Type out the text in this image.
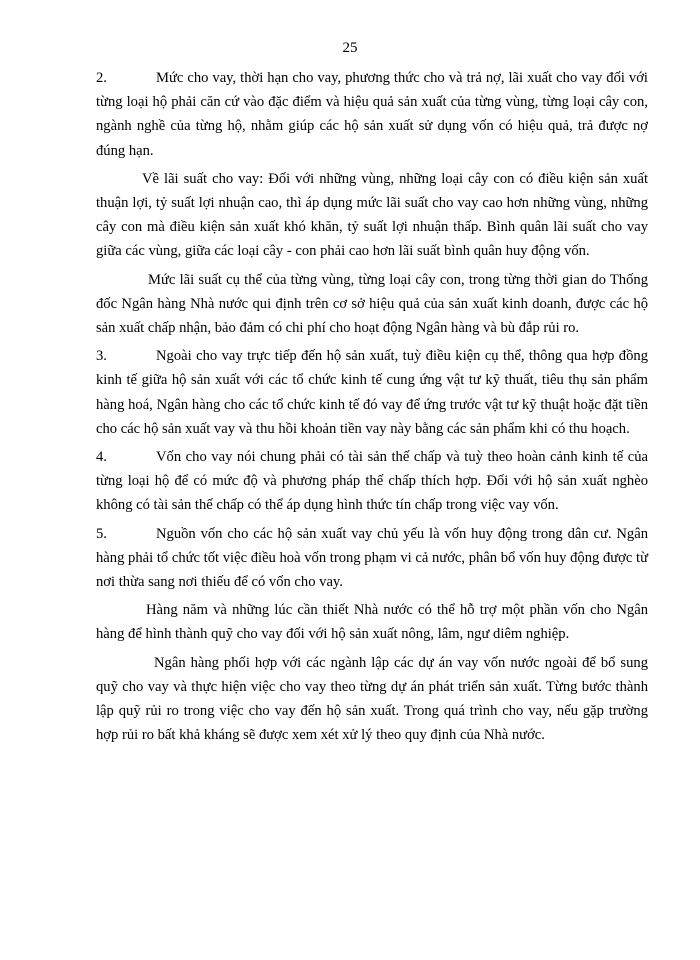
25

2.	Mức cho vay, thời hạn cho vay, phương thức cho và trả nợ, lãi xuất cho vay đối với từng loại hộ phải căn cứ vào đặc điểm và hiệu quả sản xuất của từng vùng, từng loại cây con, ngành nghề của từng hộ, nhằm giúp các hộ sản xuất sử dụng vốn có hiệu quả, trả được nợ đúng hạn.

Về lãi suất cho vay: Đối với những vùng, những loại cây con có điều kiện sản xuất thuận lợi, tỷ suất lợi nhuận cao, thì áp dụng mức lãi suất cho vay cao hơn những vùng, những cây con mà điều kiện sản xuất khó khăn, tỷ suất lợi nhuận thấp. Bình quân lãi suất cho vay giữa các vùng, giữa các loại cây - con phải cao hơn lãi suất bình quân huy động vốn.

Mức lãi suất cụ thể của từng vùng, từng loại cây con, trong từng thời gian do Thống đốc Ngân hàng Nhà nước qui định trên cơ sở hiệu quả của sản xuất kinh doanh, được các hộ sản xuất chấp nhận, bảo đảm có chi phí cho hoạt động Ngân hàng và bù đắp rủi ro.

3.	Ngoài cho vay trực tiếp đến hộ sản xuất, tuỳ điều kiện cụ thể, thông qua hợp đồng kinh tế giữa hộ sản xuất với các tổ chức kinh tế cung ứng vật tư kỹ thuất, tiêu thụ sản phẩm hàng hoá, Ngân hàng cho các tổ chức kinh tế đó vay để ứng trước vật tư kỹ thuật hoặc đặt tiền cho các hộ sản xuất vay và thu hồi khoản tiền vay này bằng các sản phẩm khi có thu hoạch.

4.	Vốn cho vay nói chung phải có tài sản thế chấp và tuỳ theo hoàn cảnh kinh tế của từng loại hộ để có mức độ và phương pháp thế chấp thích hợp. Đối với hộ sản xuất nghèo không có tài sản thế chấp có thể áp dụng hình thức tín chấp trong việc vay vốn.

5.	Nguồn vốn cho các hộ sản xuất vay chủ yếu là vốn huy động trong dân cư. Ngân hàng phải tổ chức tốt việc điều hoà vốn trong phạm vi cả nước, phân bổ vốn huy động được từ nơi thừa sang nơi thiếu để có vốn cho vay.

Hàng năm và những lúc cần thiết Nhà nước có thể hỗ trợ một phần vốn cho Ngân hàng để hình thành quỹ cho vay đối với hộ sản xuất nông, lâm, ngư diêm nghiệp.

Ngân hàng phối hợp với các ngành lập các dự án vay vốn nước ngoài để bổ sung quỹ cho vay và thực hiện việc cho vay theo từng dự án phát triển sản xuất. Từng bước thành lập quỹ rủi ro trong việc cho vay đến hộ sản xuất. Trong quá trình cho vay, nếu gặp trường hợp rủi ro bất khả kháng sẽ được xem xét xử lý theo quy định của Nhà nước.
